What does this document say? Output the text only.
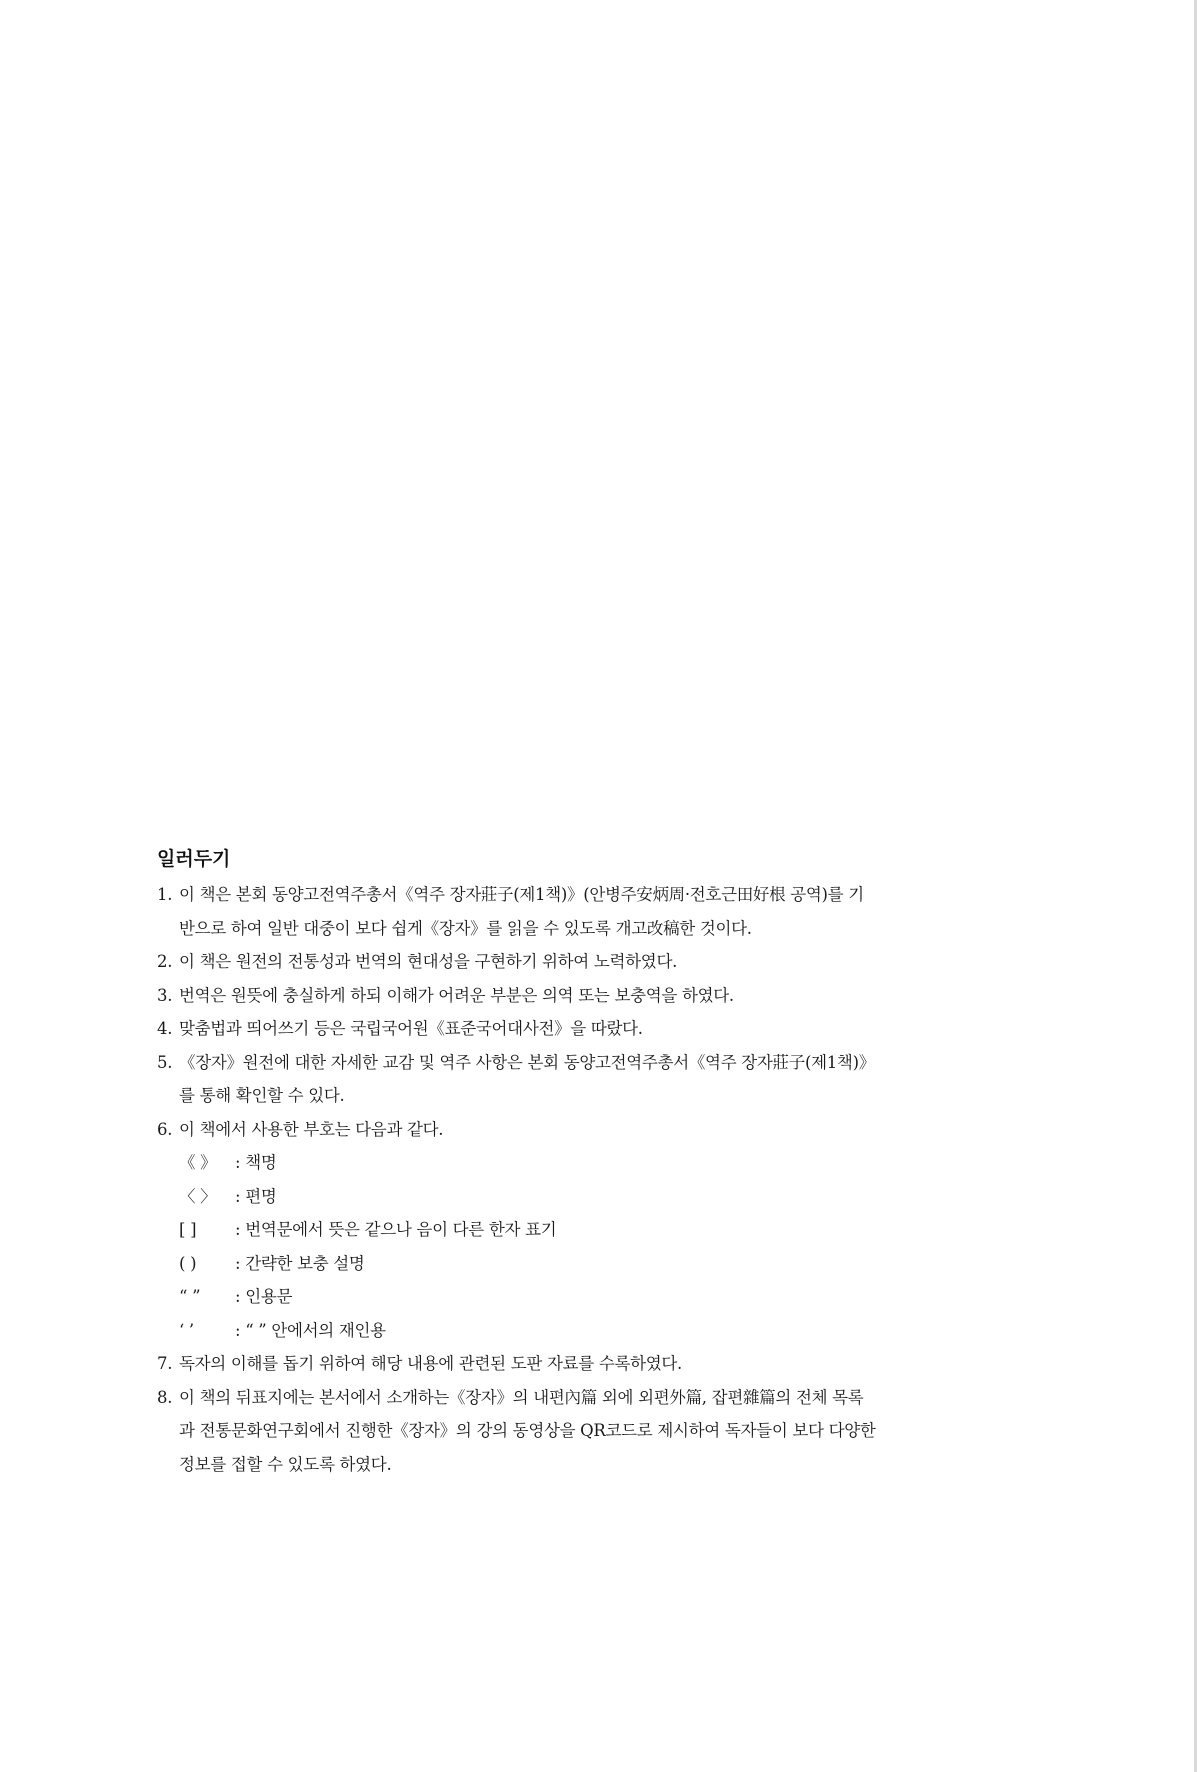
일러두기
1. 이 책은 본회 동양고전역주총서《역주 장자莊子(제1책)》(안병주安炳周·전호근田好根 공역)를 기반으로 하여 일반 대중이 보다 쉽게《장자》를 읽을 수 있도록 개고改稿한 것이다.
2. 이 책은 원전의 전통성과 번역의 현대성을 구현하기 위하여 노력하였다.
3. 번역은 원뜻에 충실하게 하되 이해가 어려운 부분은 의역 또는 보충역을 하였다.
4. 맞춤법과 띄어쓰기 등은 국립국어원《표준국어대사전》을 따랐다.
5. 《장자》원전에 대한 자세한 교감 및 역주 사항은 본회 동양고전역주총서《역주 장자莊子(제1책)》를 통해 확인할 수 있다.
6. 이 책에서 사용한 부호는 다음과 같다.
《 》 : 책명
〈 〉 : 편명
[ ] : 번역문에서 뜻은 같으나 음이 다른 한자 표기
( ) : 간략한 보충 설명
“ ” : 인용문
‘ ’ : “ ” 안에서의 재인용
7. 독자의 이해를 돕기 위하여 해당 내용에 관련된 도판 자료를 수록하였다.
8. 이 책의 뒤표지에는 본서에서 소개하는《장자》의 내편內篇 외에 외편外篇, 잡편雜篇의 전체 목록과 전통문화연구회에서 진행한《장자》의 강의 동영상을 QR코드로 제시하여 독자들이 보다 다양한 정보를 접할 수 있도록 하였다.
